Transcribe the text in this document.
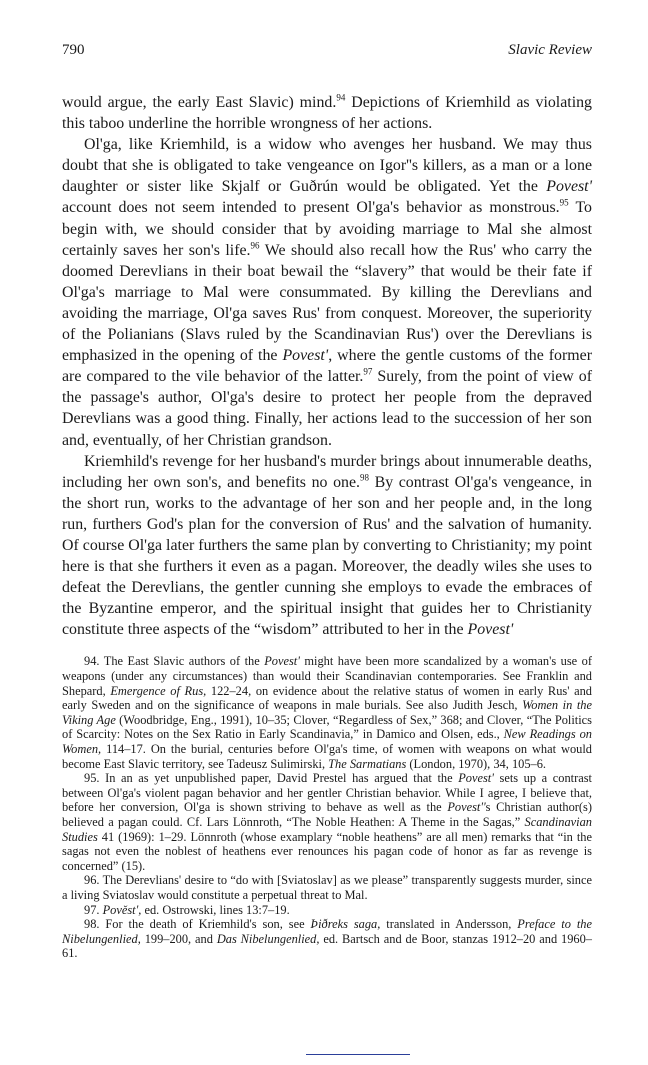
790	Slavic Review

would argue, the early East Slavic) mind.$^{94}$ Depictions of Kriemhild as violating this taboo underline the horrible wrongness of her actions.

Ol'ga, like Kriemhild, is a widow who avenges her husband. We may thus doubt that she is obligated to take vengeance on Igor''s killers, as a man or a lone daughter or sister like Skjalf or Guðrún would be obligated. Yet the Povest' account does not seem intended to present Ol'ga's behavior as monstrous.$^{95}$ To begin with, we should consider that by avoiding marriage to Mal she almost certainly saves her son's life.$^{96}$ We should also recall how the Rus' who carry the doomed Derevlians in their boat bewail the “slavery” that would be their fate if Ol'ga's marriage to Mal were consummated. By killing the Derevlians and avoiding the marriage, Ol'ga saves Rus' from conquest. Moreover, the superiority of the Polianians (Slavs ruled by the Scandinavian Rus') over the Derevlians is emphasized in the opening of the Povest', where the gentle customs of the former are compared to the vile behavior of the latter.$^{97}$ Surely, from the point of view of the passage's author, Ol'ga's desire to protect her people from the depraved Derevlians was a good thing. Finally, her actions lead to the succession of her son and, eventually, of her Christian grandson.

Kriemhild's revenge for her husband's murder brings about innumerable deaths, including her own son's, and benefits no one.$^{98}$ By contrast Ol'ga's vengeance, in the short run, works to the advantage of her son and her people and, in the long run, furthers God's plan for the conversion of Rus' and the salvation of humanity. Of course Ol'ga later furthers the same plan by converting to Christianity; my point here is that she furthers it even as a pagan. Moreover, the deadly wiles she uses to defeat the Derevlians, the gentler cunning she employs to evade the embraces of the Byzantine emperor, and the spiritual insight that guides her to Christianity constitute three aspects of the “wisdom” attributed to her in the Povest'

94. The East Slavic authors of the Povest' might have been more scandalized by a woman's use of weapons (under any circumstances) than would their Scandinavian contemporaries. See Franklin and Shepard, Emergence of Rus, 122–24, on evidence about the relative status of women in early Rus' and early Sweden and on the significance of weapons in male burials. See also Judith Jesch, Women in the Viking Age (Woodbridge, Eng., 1991), 10–35; Clover, “Regardless of Sex,” 368; and Clover, “The Politics of Scarcity: Notes on the Sex Ratio in Early Scandinavia,” in Damico and Olsen, eds., New Readings on Women, 114–17. On the burial, centuries before Ol'ga's time, of women with weapons on what would become East Slavic territory, see Tadeusz Sulimirski, The Sarmatians (London, 1970), 34, 105–6.

95. In an as yet unpublished paper, David Prestel has argued that the Povest' sets up a contrast between Ol'ga's violent pagan behavior and her gentler Christian behavior. While I agree, I believe that, before her conversion, Ol'ga is shown striving to behave as well as the Povest''s Christian author(s) believed a pagan could. Cf. Lars Lönnroth, “The Noble Heathen: A Theme in the Sagas,” Scandinavian Studies 41 (1969): 1–29. Lönnroth (whose examplary “noble heathens” are all men) remarks that “in the sagas not even the noblest of heathens ever renounces his pagan code of honor as far as revenge is concerned” (15).

96. The Derevlians' desire to “do with [Sviatoslav] as we please” transparently suggests murder, since a living Sviatoslav would constitute a perpetual threat to Mal.

97. Pověst', ed. Ostrowski, lines 13:7–19.

98. For the death of Kriemhild's son, see Þiðreks saga, translated in Andersson, Preface to the Nibelungenlied, 199–200, and Das Nibelungenlied, ed. Bartsch and de Boor, stanzas 1912–20 and 1960–61.
